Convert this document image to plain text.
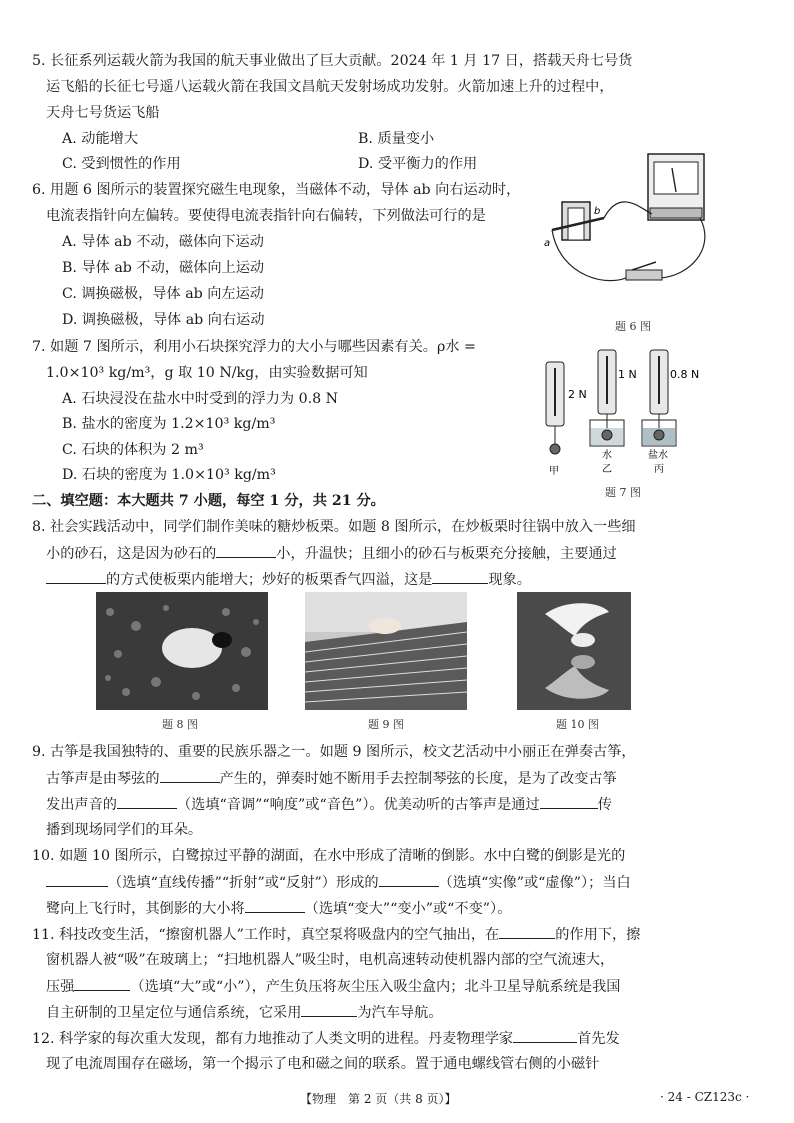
5. 长征系列运载火箭为我国的航天事业做出了巨大贡献。2024 年 1 月 17 日，搭载天舟七号货
运飞船的长征七号遥八运载火箭在我国文昌航天发射场成功发射。火箭加速上升的过程中，
天舟七号货运飞船
A. 动能增大	B. 质量变小
C. 受到惯性的作用	D. 受平衡力的作用
6. 用题 6 图所示的装置探究磁生电现象，当磁体不动，导体 ab 向右运动时，
电流表指针向左偏转。要使得电流表指针向右偏转，下列做法可行的是
A. 导体 ab 不动，磁体向下运动
B. 导体 ab 不动，磁体向上运动
C. 调换磁极，导体 ab 向左运动
D. 调换磁极，导体 ab 向右运动
a
b
题 6 图
7. 如题 7 图所示，利用小石块探究浮力的大小与哪些因素有关。ρ水 =
1.0×10³ kg/m³，g 取 10 N/kg，由实验数据可知
A. 石块浸没在盐水中时受到的浮力为 0.8 N
B. 盐水的密度为 1.2×10³ kg/m³
C. 石块的体积为 2 m³
D. 石块的密度为 1.0×10³ kg/m³
2 N
1 N	0.8 N
甲
水
乙
盐水
丙
题 7 图
二、填空题：本大题共 7 小题，每空 1 分，共 21 分。
8. 社会实践活动中，同学们制作美味的糖炒板栗。如题 8 图所示，在炒板栗时往锅中放入一些细
小的砂石，这是因为砂石的	小，升温快；且细小的砂石与板栗充分接触，主要通过
的方式使板栗内能增大；炒好的板栗香气四溢，这是	现象。
题 8 图	题 9 图	题 10 图
9. 古筝是我国独特的、重要的民族乐器之一。如题 9 图所示，校文艺活动中小丽正在弹奏古筝，
古筝声是由琴弦的	产生的，弹奏时她不断用手去控制琴弦的长度，是为了改变古筝
发出声音的	（选填“音调”“响度”或“音色”）。优美动听的古筝声是通过	传
播到现场同学们的耳朵。
10. 如题 10 图所示，白鹭掠过平静的湖面，在水中形成了清晰的倒影。水中白鹭的倒影是光的
（选填“直线传播”“折射”或“反射”）形成的	（选填“实像”或“虚像”）；当白
鹭向上飞行时，其倒影的大小将	（选填“变大”“变小”或“不变”）。
11. 科技改变生活，“擦窗机器人”工作时，真空泵将吸盘内的空气抽出，在	的作用下，擦
窗机器人被“吸”在玻璃上；“扫地机器人”吸尘时，电机高速转动使机器内部的空气流速大，
压强	（选填“大”或“小”），产生负压将灰尘压入吸尘盒内；北斗卫星导航系统是我国
自主研制的卫星定位与通信系统，它采用	为汽车导航。
12. 科学家的每次重大发现，都有力地推动了人类文明的进程。丹麦物理学家	首先发
现了电流周围存在磁场，第一个揭示了电和磁之间的联系。置于通电螺线管右侧的小磁针
【物理　第 2 页（共 8 页）】	· 24 - CZ123c ·
